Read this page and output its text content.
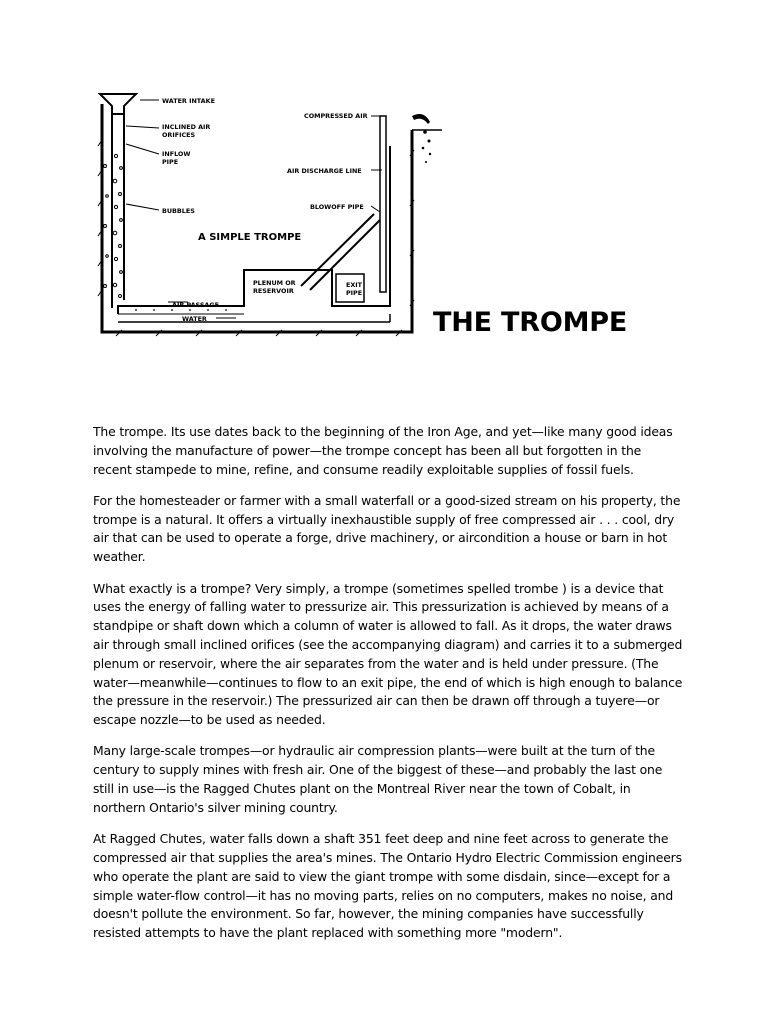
WATER INTAKE
INCLINED AIR
ORIFICES
INFLOW
PIPE
BUBBLES
COMPRESSED AIR
AIR DISCHARGE LINE
BLOWOFF PIPE
A SIMPLE TROMPE
PLENUM OR
RESERVOIR
EXIT
PIPE
AIR PASSAGE
WATER	THE TROMPE

The trompe. Its use dates back to the beginning of the Iron Age, and yet—like many good ideas involving the manufacture of power—the trompe concept has been all but forgotten in the recent stampede to mine, refine, and consume readily exploitable supplies of fossil fuels.

For the homesteader or farmer with a small waterfall or a good-sized stream on his property, the trompe is a natural. It offers a virtually inexhaustible supply of free compressed air . . . cool, dry air that can be used to operate a forge, drive machinery, or aircondition a house or barn in hot weather.

What exactly is a trompe? Very simply, a trompe (sometimes spelled trombe ) is a device that uses the energy of falling water to pressurize air. This pressurization is achieved by means of a standpipe or shaft down which a column of water is allowed to fall. As it drops, the water draws air through small inclined orifices (see the accompanying diagram) and carries it to a submerged plenum or reservoir, where the air separates from the water and is held under pressure. (The water—meanwhile—continues to flow to an exit pipe, the end of which is high enough to balance the pressure in the reservoir.) The pressurized air can then be drawn off through a tuyere—or escape nozzle—to be used as needed.

Many large-scale trompes—or hydraulic air compression plants—were built at the turn of the century to supply mines with fresh air. One of the biggest of these—and probably the last one still in use—is the Ragged Chutes plant on the Montreal River near the town of Cobalt, in northern Ontario's silver mining country.

At Ragged Chutes, water falls down a shaft 351 feet deep and nine feet across to generate the compressed air that supplies the area's mines. The Ontario Hydro Electric Commission engineers who operate the plant are said to view the giant trompe with some disdain, since—except for a simple water-flow control—it has no moving parts, relies on no computers, makes no noise, and doesn't pollute the environment. So far, however, the mining companies have successfully resisted attempts to have the plant replaced with something more "modern".
